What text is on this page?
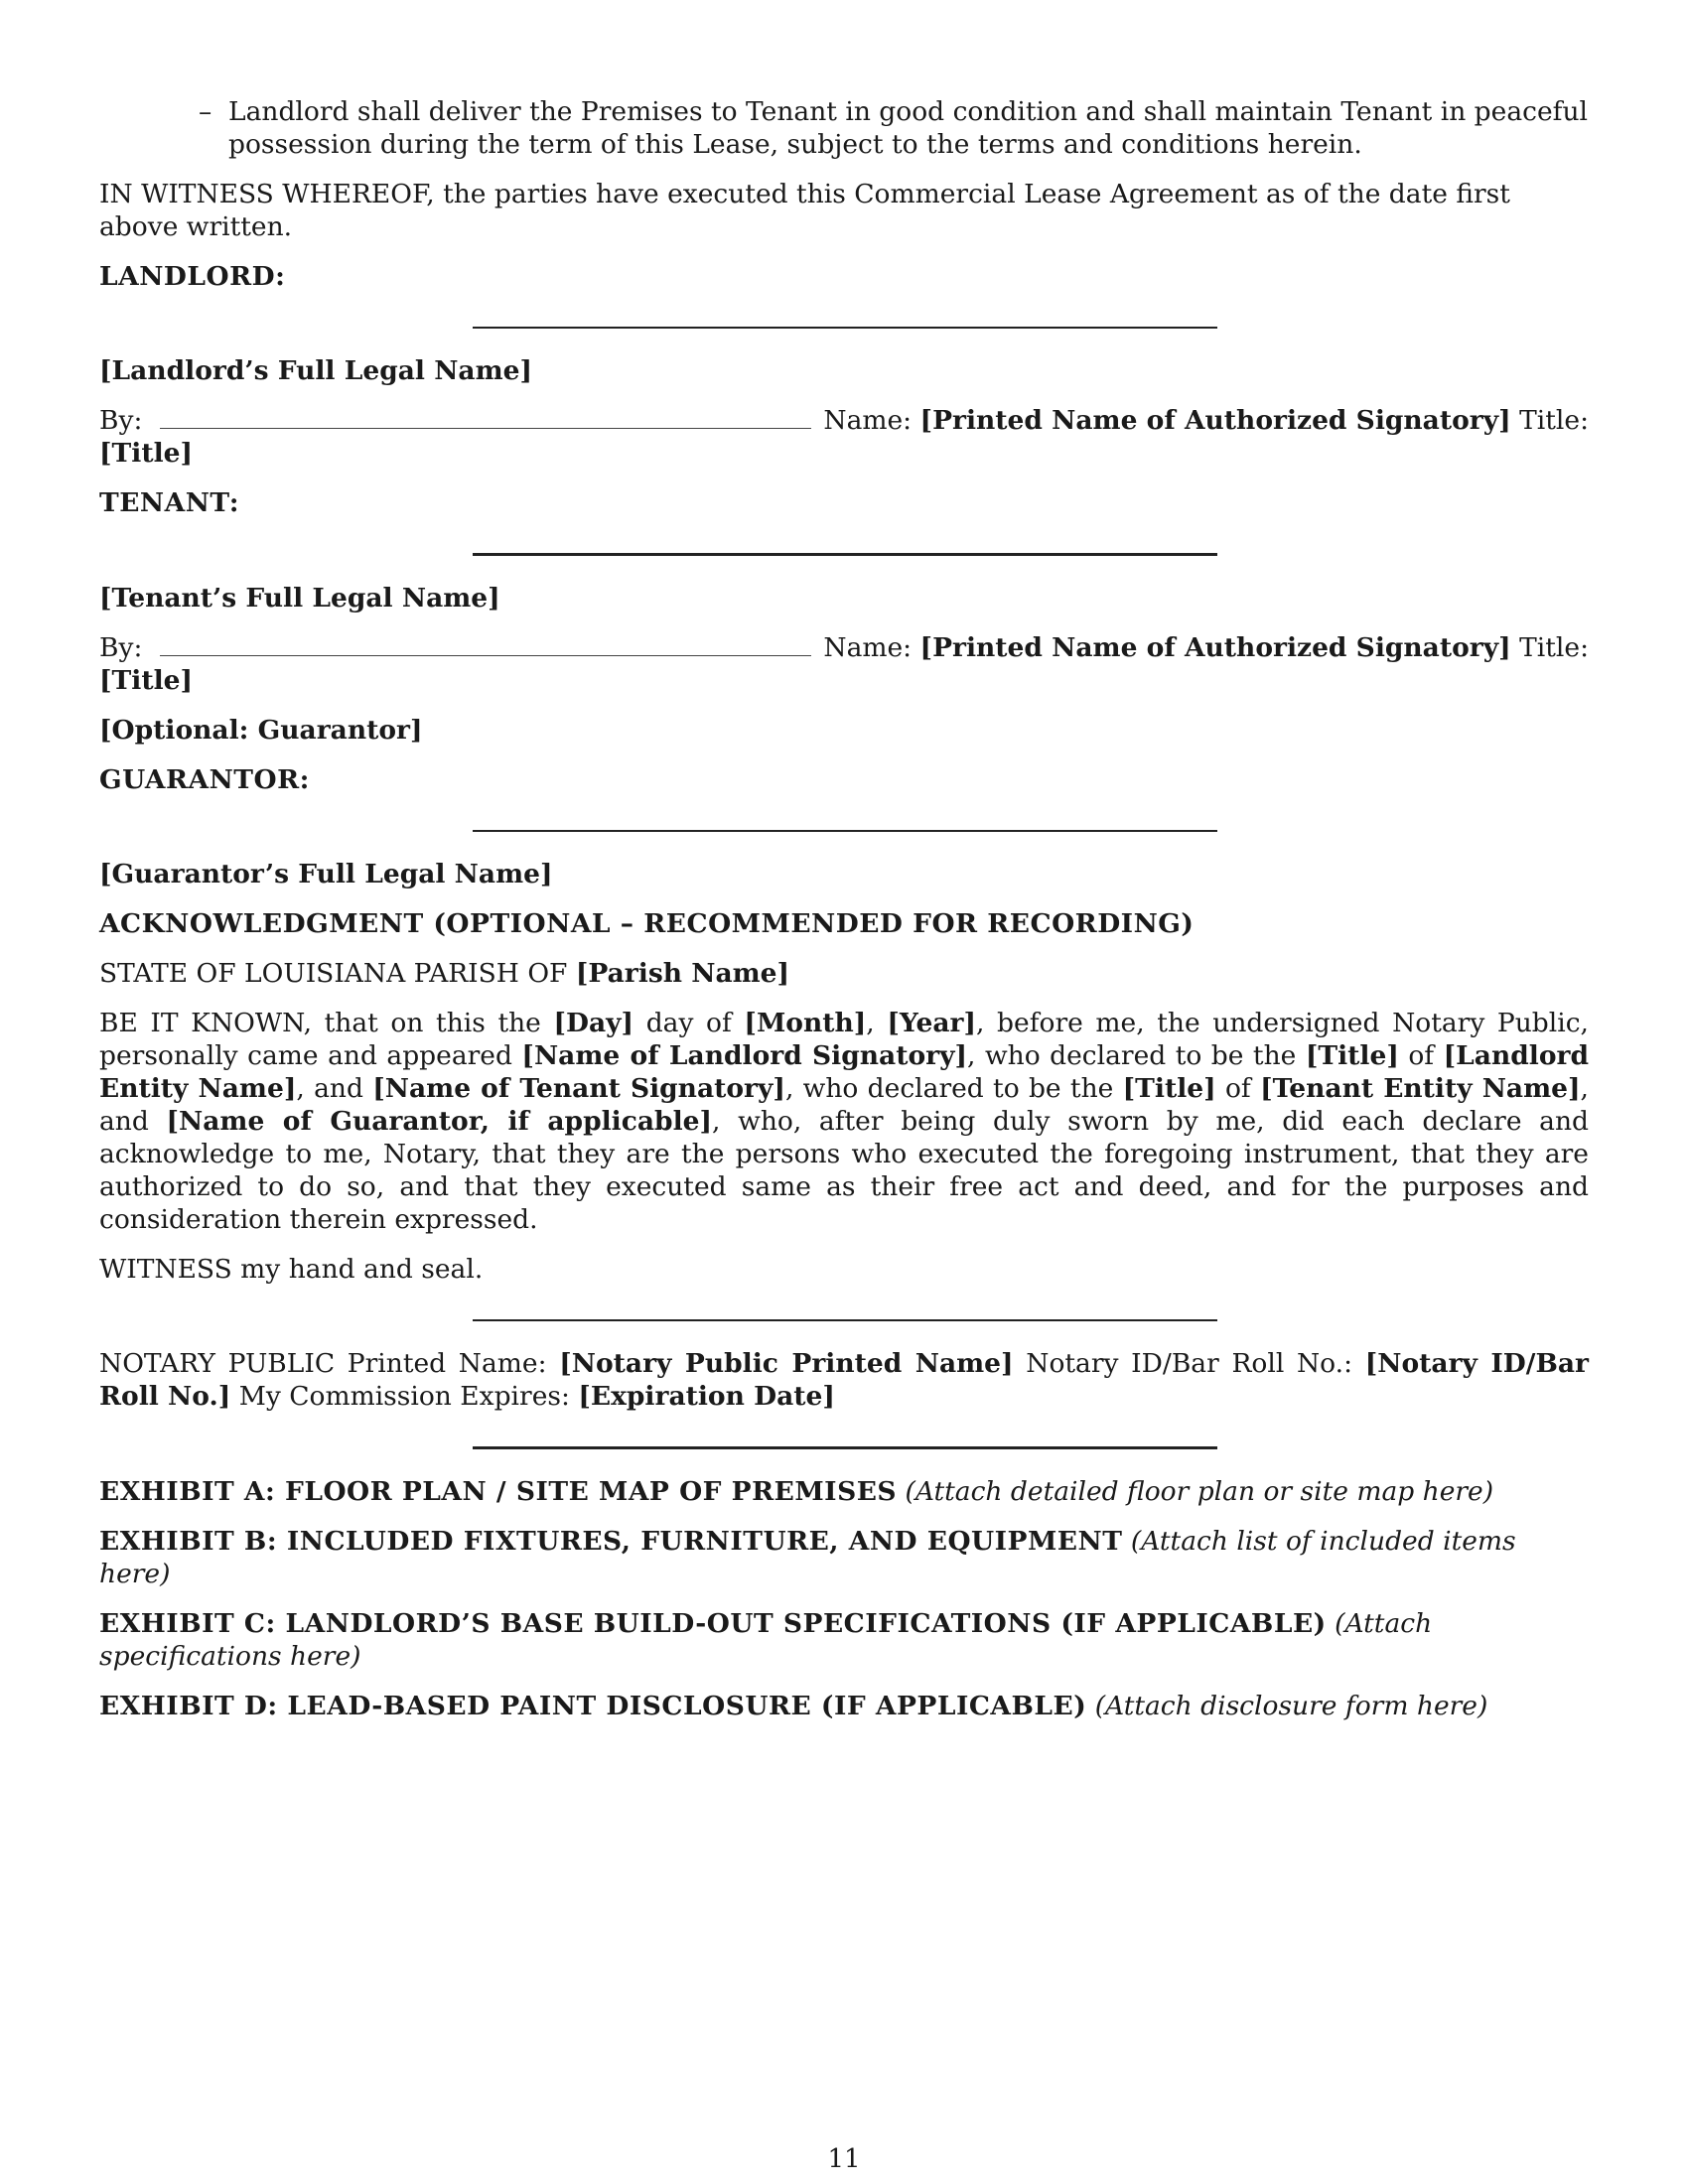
– Landlord shall deliver the Premises to Tenant in good condition and shall maintain Tenant in peaceful possession during the term of this Lease, subject to the terms and conditions herein.

IN WITNESS WHEREOF, the parties have executed this Commercial Lease Agreement as of the date first above written.

LANDLORD:

[Landlord’s Full Legal Name]

By:	Name: [Printed Name of Authorized Signatory] Title:

[Title]

TENANT:

[Tenant’s Full Legal Name]

By:	Name: [Printed Name of Authorized Signatory] Title:

[Title]

[Optional: Guarantor]

GUARANTOR:

[Guarantor’s Full Legal Name]

ACKNOWLEDGMENT (OPTIONAL – RECOMMENDED FOR RECORDING)

STATE OF LOUISIANA PARISH OF [Parish Name]

BE IT KNOWN, that on this the [Day] day of [Month], [Year], before me, the undersigned Notary Public, personally came and appeared [Name of Landlord Signatory], who declared to be the [Title] of [Landlord Entity Name], and [Name of Tenant Signatory], who declared to be the [Title] of [Tenant Entity Name], and [Name of Guarantor, if applicable], who, after being duly sworn by me, did each declare and acknowledge to me, Notary, that they are the persons who executed the foregoing instrument, that they are authorized to do so, and that they executed same as their free act and deed, and for the purposes and consideration therein expressed.

WITNESS my hand and seal.

NOTARY PUBLIC Printed Name: [Notary Public Printed Name] Notary ID/Bar Roll No.: [Notary ID/Bar Roll No.] My Commission Expires: [Expiration Date]

EXHIBIT A: FLOOR PLAN / SITE MAP OF PREMISES (Attach detailed floor plan or site map here)

EXHIBIT B: INCLUDED FIXTURES, FURNITURE, AND EQUIPMENT (Attach list of included items here)

EXHIBIT C: LANDLORD’S BASE BUILD-OUT SPECIFICATIONS (IF APPLICABLE) (Attach specifications here)

EXHIBIT D: LEAD-BASED PAINT DISCLOSURE (IF APPLICABLE) (Attach disclosure form here)

11
